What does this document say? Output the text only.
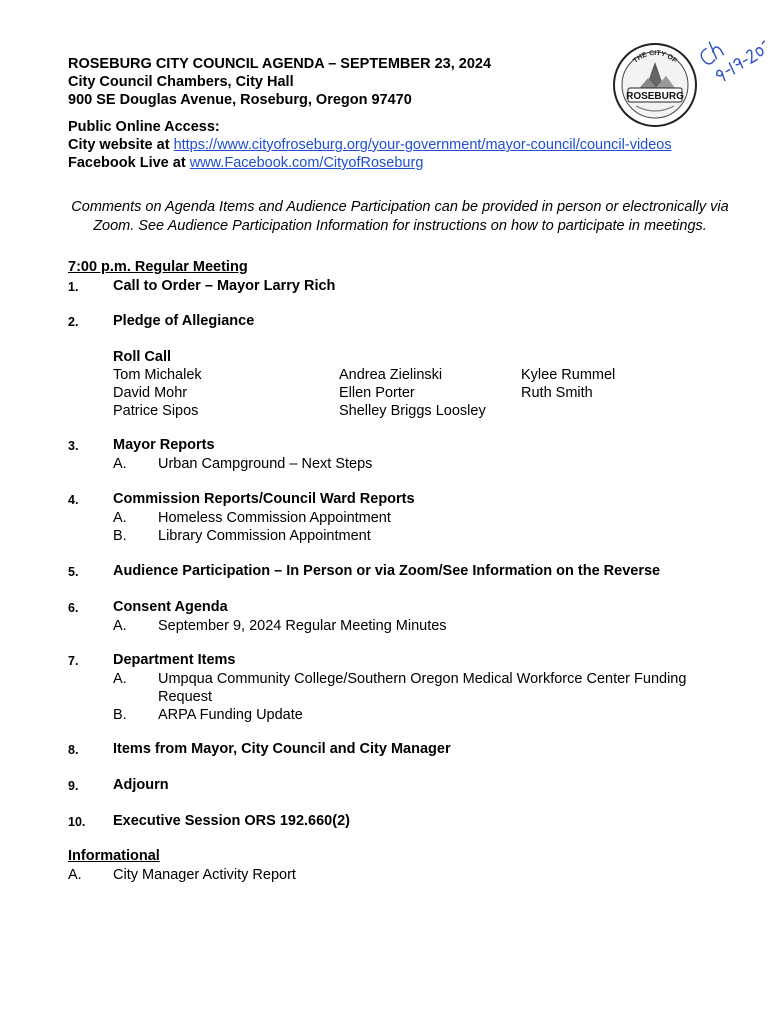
ROSEBURG CITY COUNCIL AGENDA – SEPTEMBER 23, 2024
City Council Chambers, City Hall
900 SE Douglas Avenue, Roseburg, Oregon 97470
THE CITY OF
ROSEBURG
Public Online Access:
City website at https://www.cityofroseburg.org/your-government/mayor-council/council-videos
Facebook Live at www.Facebook.com/CityofRoseburg
Comments on Agenda Items and Audience Participation can be provided in person or electronically via Zoom. See Audience Participation Information for instructions on how to participate in meetings.
7:00 p.m. Regular Meeting
1. Call to Order – Mayor Larry Rich
2. Pledge of Allegiance
Roll Call
Tom Michalek
David Mohr
Patrice Sipos
Andrea Zielinski
Ellen Porter
Shelley Briggs Loosley
Kylee Rummel
Ruth Smith
3. Mayor Reports
A. Urban Campground – Next Steps
4. Commission Reports/Council Ward Reports
A. Homeless Commission Appointment
B. Library Commission Appointment
5. Audience Participation – In Person or via Zoom/See Information on the Reverse
6. Consent Agenda
A. September 9, 2024 Regular Meeting Minutes
7. Department Items
A. Umpqua Community College/Southern Oregon Medical Workforce Center Funding Request
B. ARPA Funding Update
8. Items from Mayor, City Council and City Manager
9. Adjourn
10. Executive Session ORS 192.660(2)
Informational
A. City Manager Activity Report
